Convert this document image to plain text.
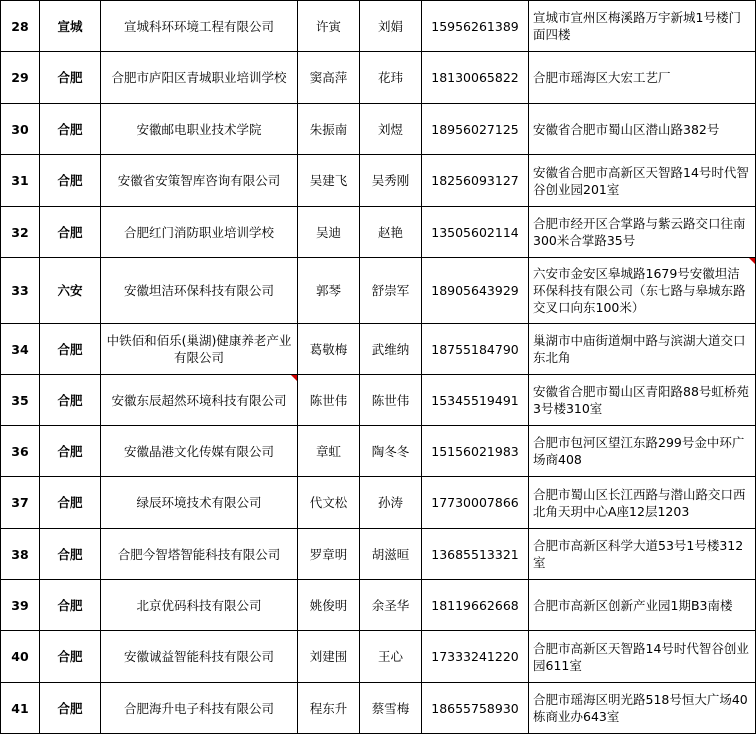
28	宣城	宣城科环环境工程有限公司	许寅	刘娟	15956261389	宣城市宣州区梅溪路万宇新城1号楼门面四楼
29	合肥	合肥市庐阳区青城职业培训学校	窦高萍	花玮	18130065822	合肥市瑶海区大宏工艺厂
30	合肥	安徽邮电职业技术学院	朱振南	刘煜	18956027125	安徽省合肥市蜀山区潜山路382号
31	合肥	安徽省安策智库咨询有限公司	吴建飞	吴秀刚	18256093127	安徽省合肥市高新区天智路14号时代智谷创业园201室
32	合肥	合肥红门消防职业培训学校	吴迪	赵艳	13505602114	合肥市经开区合掌路与紫云路交口往南300米合掌路35号
33	六安	安徽坦洁环保科技有限公司	郭琴	舒崇军	18905643929	六安市金安区皋城路1679号安徽坦洁环保科技有限公司（东七路与皋城东路交叉口向东100米）

34	合肥	中铁佰和佰乐(巢湖)健康养老产业有限公司	葛敬梅	武维纳	18755184790	巢湖市中庙街道炯中路与滨湖大道交口东北角
35	合肥	安徽东辰超然环境科技有限公司	陈世伟	陈世伟	15345519491	安徽省合肥市蜀山区青阳路88号虹桥苑3号楼310室
36	合肥	安徽晶港文化传媒有限公司	章虹	陶冬冬	15156021983	合肥市包河区望江东路299号金中环广场商408
37	合肥	绿辰环境技术有限公司	代文松	孙涛	17730007866	合肥市蜀山区长江西路与潜山路交口西北角天玥中心A座12层1203
38	合肥	合肥今智塔智能科技有限公司	罗章明	胡滋晅	13685513321	合肥市高新区科学大道53号1号楼312室
39	合肥	北京优码科技有限公司	姚俊明	余圣华	18119662668	合肥市高新区创新产业园1期B3南楼
40	合肥	安徽诚益智能科技有限公司	刘建围	王心	17333241220	合肥市高新区天智路14号时代智谷创业园611室
41	合肥	合肥海升电子科技有限公司	程东升	蔡雪梅	18655758930	合肥市瑶海区明光路518号恒大广场40栋商业办643室
